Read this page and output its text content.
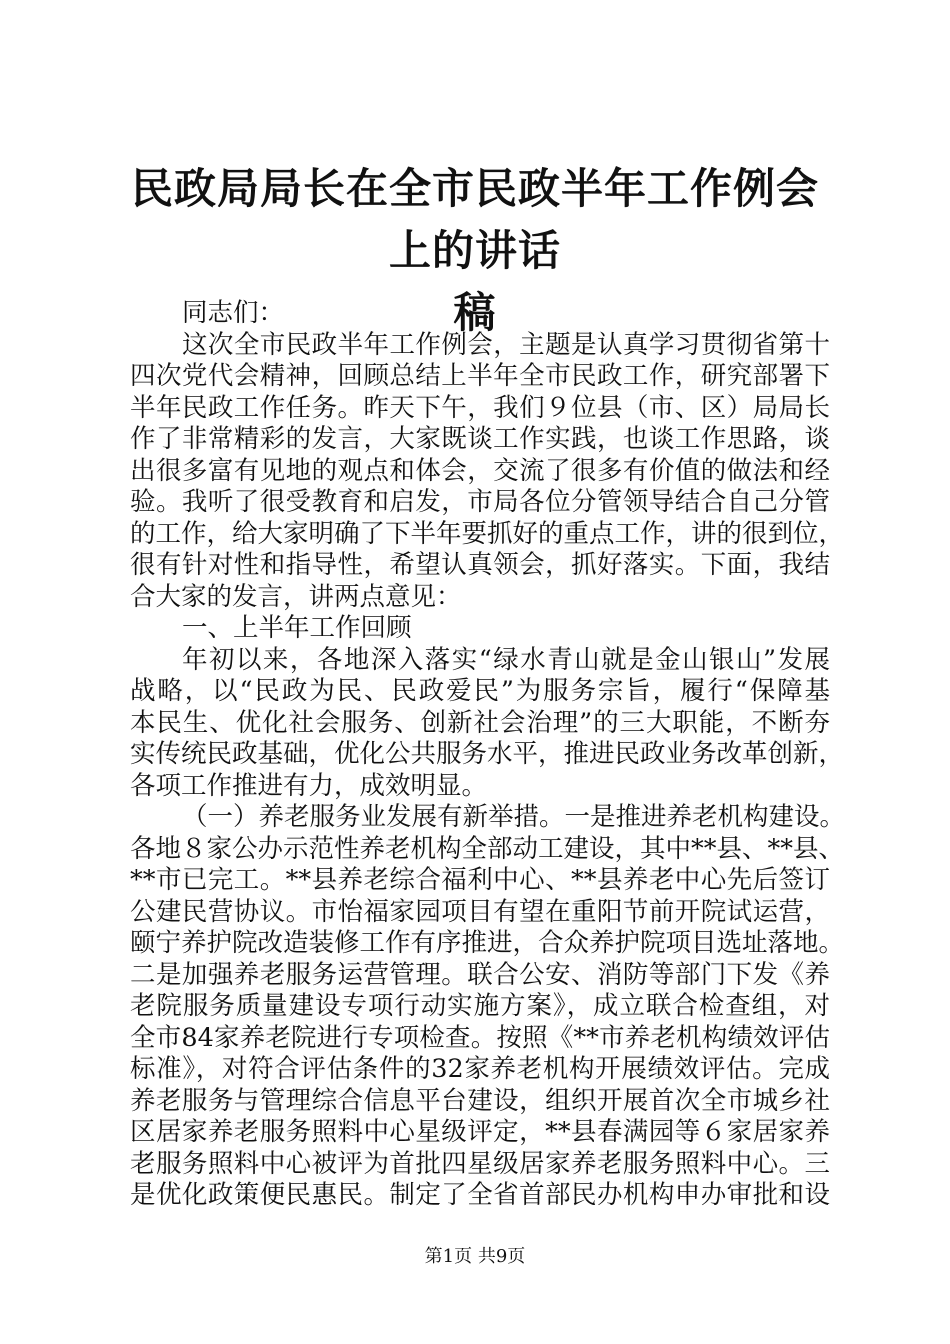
民政局局长在全市民政半年工作例会上的讲话
稿
同志们：
这次全市民政半年工作例会，主题是认真学习贯彻省第十
四次党代会精神，回顾总结上半年全市民政工作，研究部署下
半年民政工作任务。昨天下午，我们９位县（市、区）局局长
作了非常精彩的发言，大家既谈工作实践，也谈工作思路，谈
出很多富有见地的观点和体会，交流了很多有价值的做法和经
验。我听了很受教育和启发，市局各位分管领导结合自己分管
的工作，给大家明确了下半年要抓好的重点工作，讲的很到位，
很有针对性和指导性，希望认真领会，抓好落实。下面，我结
合大家的发言，讲两点意见：
一、上半年工作回顾
年初以来，各地深入落实“绿水青山就是金山银山”发展
战略，以“民政为民、民政爱民”为服务宗旨，履行“保障基
本民生、优化社会服务、创新社会治理”的三大职能，不断夯
实传统民政基础，优化公共服务水平，推进民政业务改革创新，
各项工作推进有力，成效明显。
（一）养老服务业发展有新举措。一是推进养老机构建设。
各地８家公办示范性养老机构全部动工建设，其中**县、**县、
**市已完工。**县养老综合福利中心、**县养老中心先后签订
公建民营协议。市怡福家园项目有望在重阳节前开院试运营，
颐宁养护院改造装修工作有序推进，合众养护院项目选址落地。
二是加强养老服务运营管理。联合公安、消防等部门下发《养
老院服务质量建设专项行动实施方案》，成立联合检查组，对
全市84家养老院进行专项检查。按照《**市养老机构绩效评估
标准》，对符合评估条件的32家养老机构开展绩效评估。完成
养老服务与管理综合信息平台建设，组织开展首次全市城乡社
区居家养老服务照料中心星级评定，**县春满园等６家居家养
老服务照料中心被评为首批四星级居家养老服务照料中心。三
是优化政策便民惠民。制定了全省首部民办机构申办审批和设
第1页 共9页
